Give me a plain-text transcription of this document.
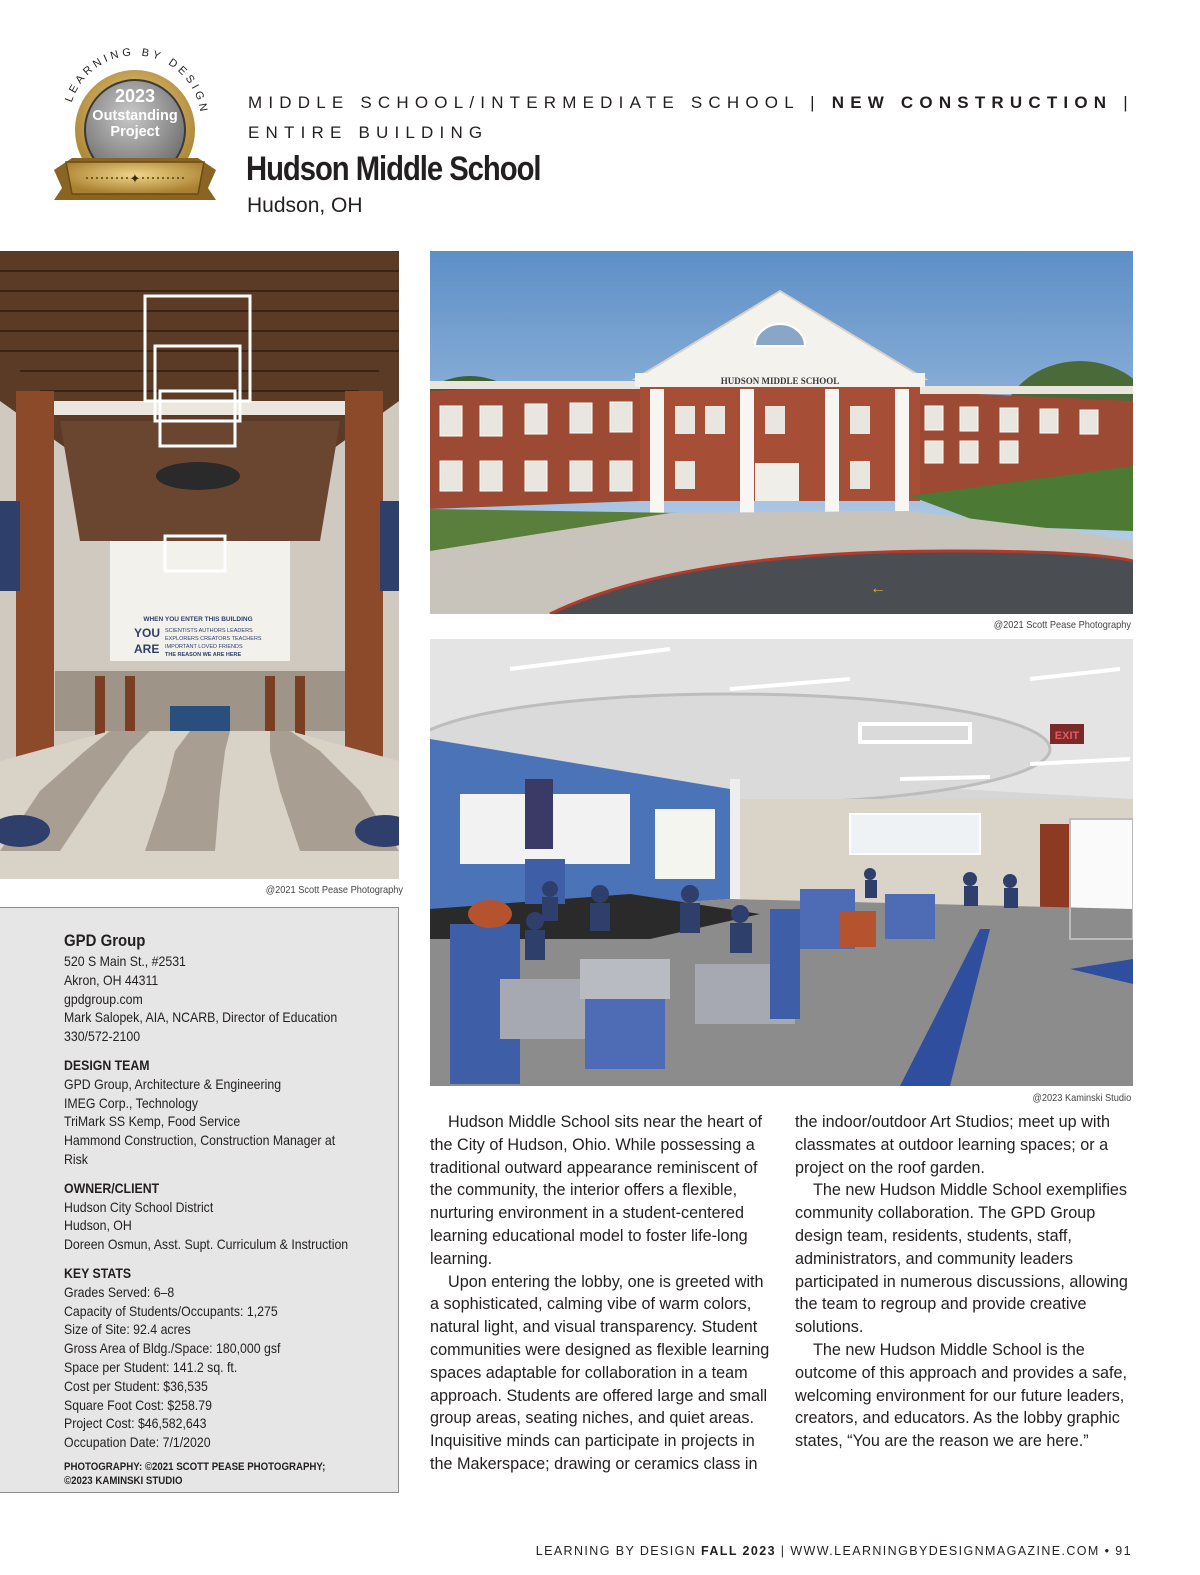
LEARNING BY DESIGN
✦
2023
Outstanding
Project
MIDDLE SCHOOL/INTERMEDIATE SCHOOL | NEW CONSTRUCTION | ENTIRE BUILDING
Hudson Middle School
Hudson, OH
WHEN YOU ENTER THIS BUILDING
YOU
ARE
SCIENTISTS AUTHORS LEADERS
EXPLORERS CREATORS TEACHERS
IMPORTANT LOVED FRIENDS
THE REASON WE ARE HERE
@2021 Scott Pease Photography
HUDSON MIDDLE SCHOOL
←
@2021 Scott Pease Photography
EXIT
@2023 Kaminski Studio
GPD Group
520 S Main St., #2531
Akron, OH 44311
gpdgroup.com
Mark Salopek, AIA, NCARB, Director of Education
330/572-2100
DESIGN TEAM
GPD Group, Architecture & Engineering
IMEG Corp., Technology
TriMark SS Kemp, Food Service
Hammond Construction, Construction Manager at Risk
OWNER/CLIENT
Hudson City School District
Hudson, OH
Doreen Osmun, Asst. Supt. Curriculum & Instruction
KEY STATS
Grades Served: 6–8
Capacity of Students/Occupants: 1,275
Size of Site: 92.4 acres
Gross Area of Bldg./Space: 180,000 gsf
Space per Student: 141.2 sq. ft.
Cost per Student: $36,535
Square Foot Cost: $258.79
Project Cost: $46,582,643
Occupation Date: 7/1/2020
PHOTOGRAPHY: ©2021 SCOTT PEASE PHOTOGRAPHY;
©2023 KAMINSKI STUDIO

Hudson Middle School sits near the heart of the City of Hudson, Ohio. While possessing a traditional outward appearance reminiscent of the community, the interior offers a flexible, nurturing environment in a student-centered learning educational model to foster life-long learning.

Upon entering the lobby, one is greeted with a sophisticated, calming vibe of warm colors, natural light, and visual transparency. Student communities were designed as flexible learning spaces adaptable for collaboration in a team approach. Students are offered large and small group areas, seating niches, and quiet areas. Inquisitive minds can participate in projects in the Makerspace; drawing or ceramics class in

the indoor/outdoor Art Studios; meet up with classmates at outdoor learning spaces; or a project on the roof garden.

The new Hudson Middle School exemplifies community collaboration. The GPD Group design team, residents, students, staff, administrators, and community leaders participated in numerous discussions, allowing the team to regroup and provide creative solutions.

The new Hudson Middle School is the outcome of this approach and provides a safe, welcoming environment for our future leaders, creators, and educators. As the lobby graphic states, “You are the reason we are here.”

LEARNING BY DESIGN FALL 2023 | WWW.LEARNINGBYDESIGNMAGAZINE.COM • 91
